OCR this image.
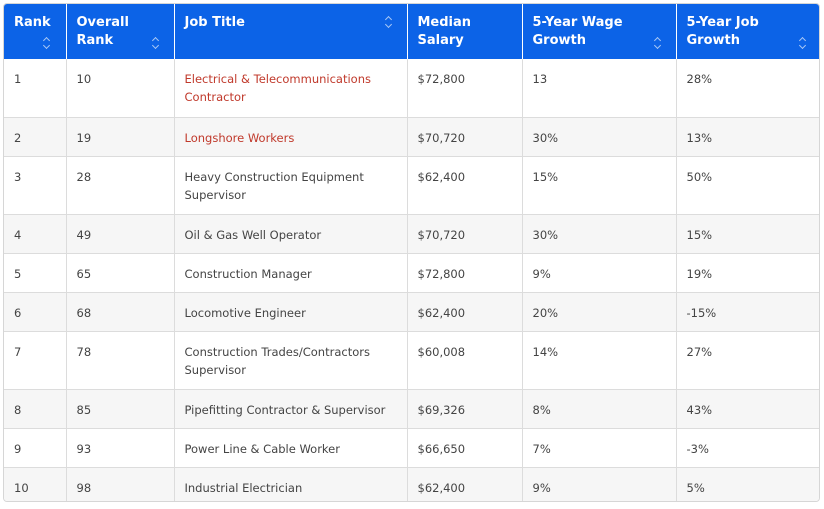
Rank	Overall Rank	Job Title	Median Salary	5-Year Wage Growth	5-Year Job Growth

1	10	Electrical & Telecommunications Contractor	$72,800	13	28%
2	19	Longshore Workers	$70,720	30%	13%
3	28	Heavy Construction Equipment Supervisor	$62,400	15%	50%
4	49	Oil & Gas Well Operator	$70,720	30%	15%
5	65	Construction Manager	$72,800	9%	19%
6	68	Locomotive Engineer	$62,400	20%	-15%
7	78	Construction Trades/Contractors Supervisor	$60,008	14%	27%
8	85	Pipefitting Contractor & Supervisor	$69,326	8%	43%
9	93	Power Line & Cable Worker	$66,650	7%	-3%
10	98	Industrial Electrician	$62,400	9%	5%
